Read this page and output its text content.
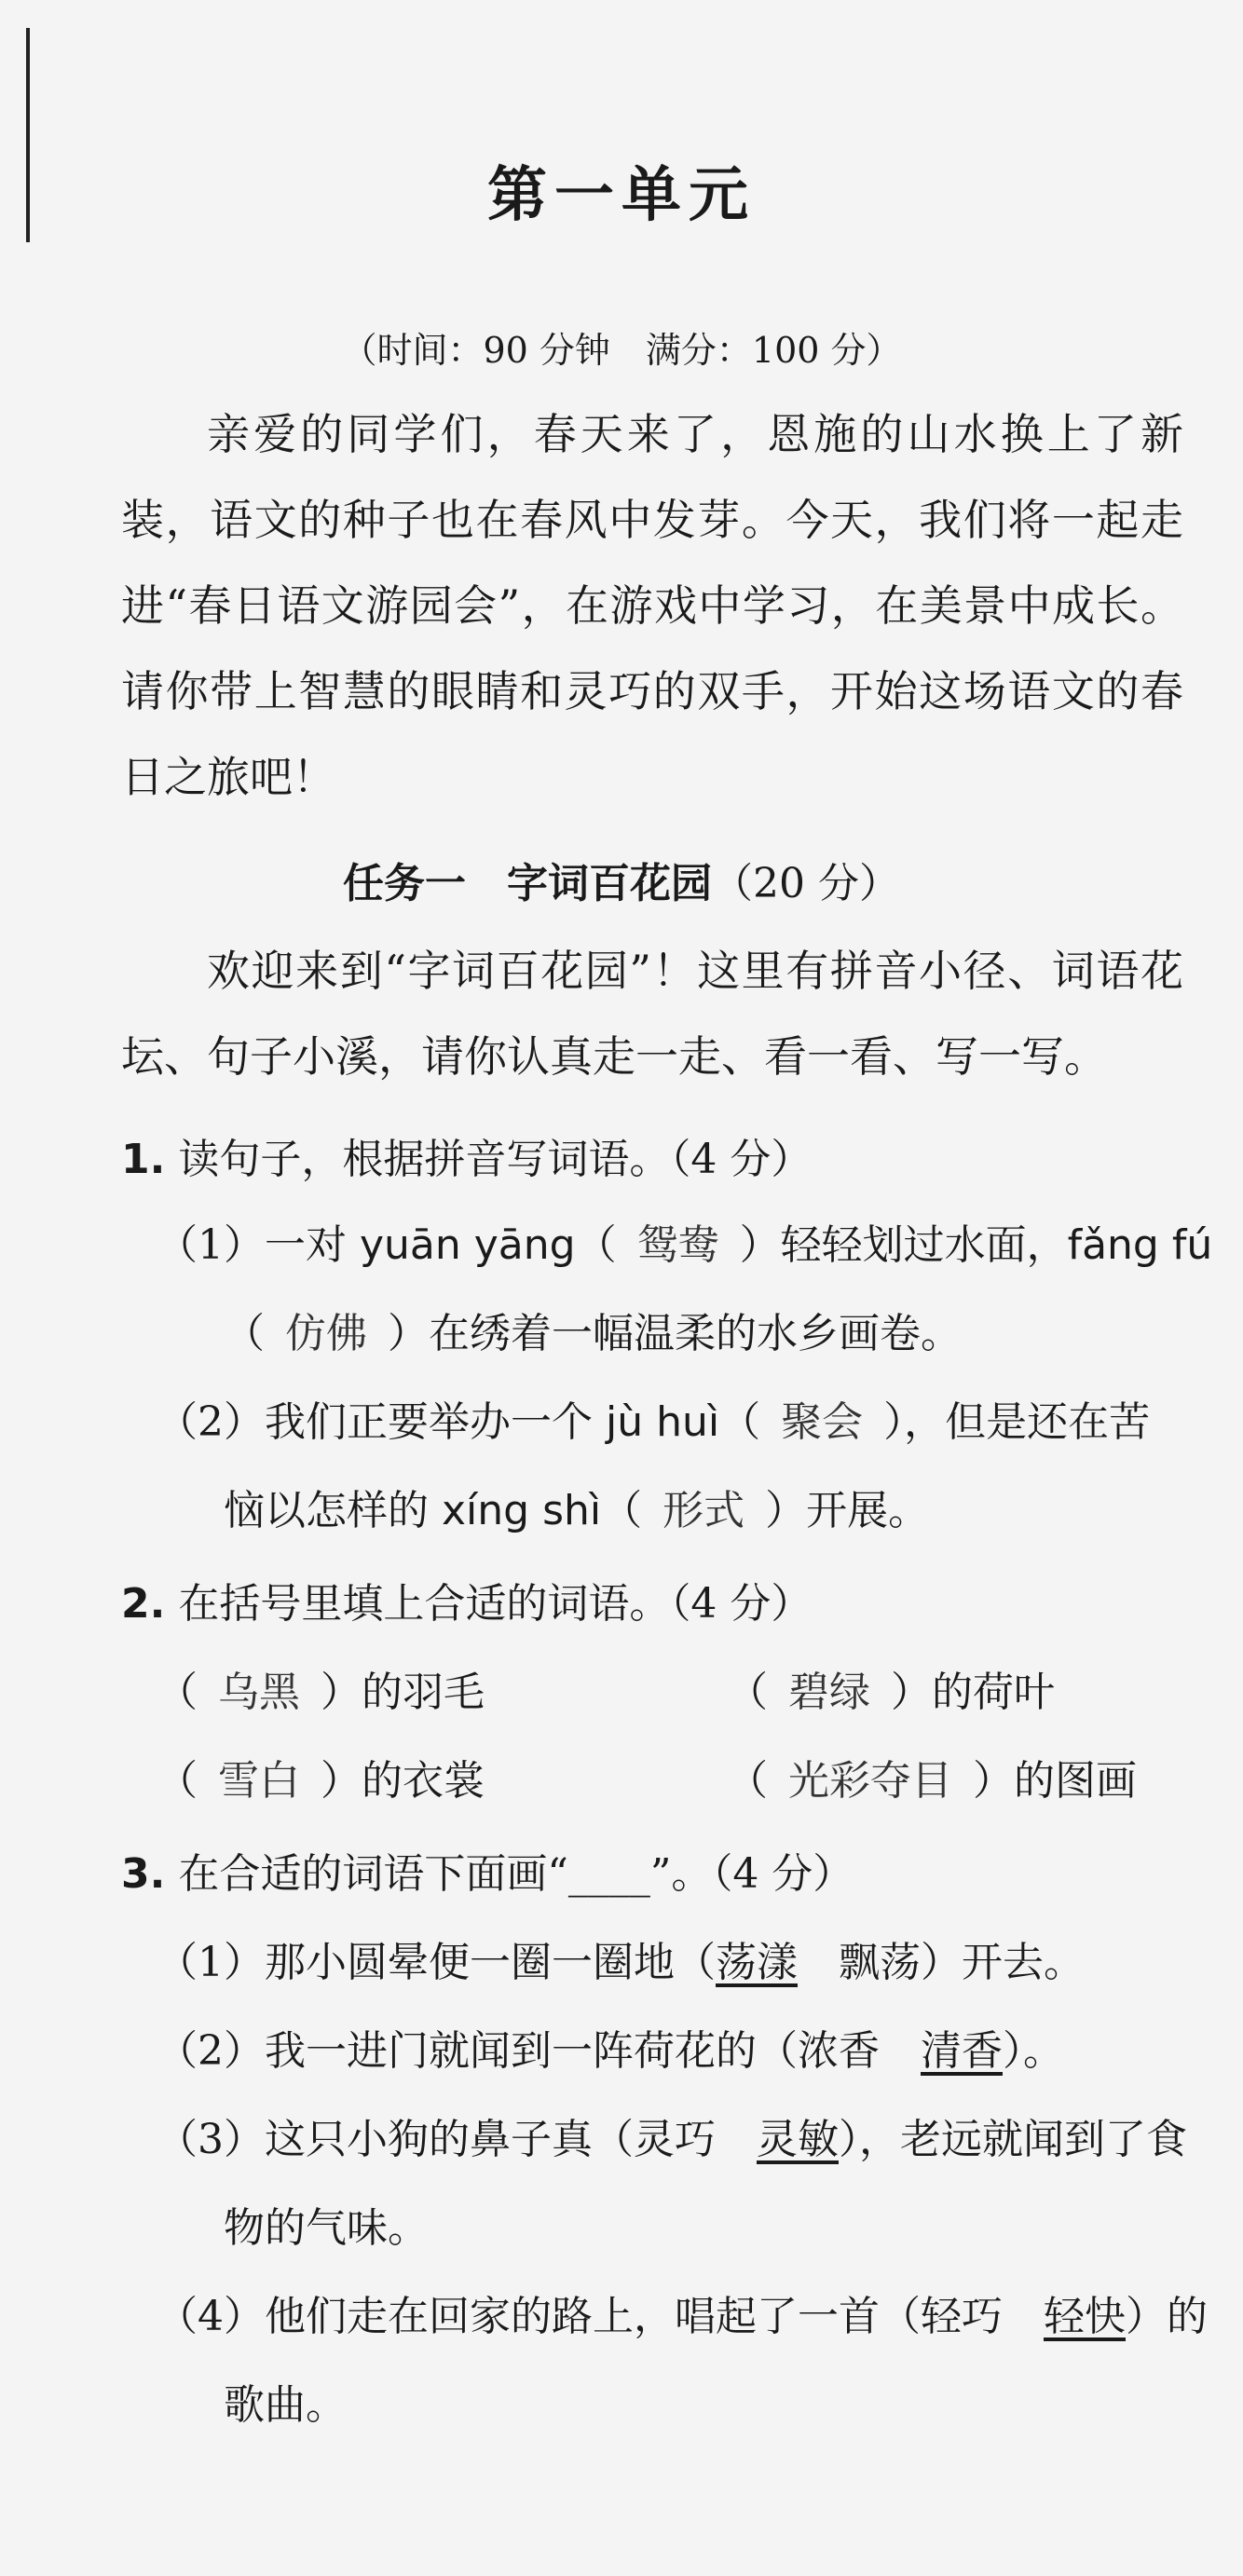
第一单元
（时间：90 分钟　满分：100 分）
亲爱的同学们，春天来了，恩施的山水换上了新装，语文的种子也在春风中发芽。今天，我们将一起走进“春日语文游园会”，在游戏中学习，在美景中成长。请你带上智慧的眼睛和灵巧的双手，开始这场语文的春日之旅吧！
任务一　字词百花园（20 分）
欢迎来到“字词百花园”！这里有拼音小径、词语花坛、句子小溪，请你认真走一走、看一看、写一写。
1. 读句子，根据拼音写词语。（4 分）
（1）一对 yuān yāng（ 鸳鸯 ）轻轻划过水面，fǎng fú
（ 仿佛 ）在绣着一幅温柔的水乡画卷。
（2）我们正要举办一个 jù huì（ 聚会 ），但是还在苦
恼以怎样的 xíng shì（ 形式 ）开展。
2. 在括号里填上合适的词语。（4 分）
（ 乌黑 ）的羽毛	（ 碧绿 ）的荷叶
（ 雪白 ）的衣裳	（ 光彩夺目 ）的图画
3. 在合适的词语下面画“____”。（4 分）
（1）那小圆晕便一圈一圈地（荡漾　飘荡）开去。
（2）我一进门就闻到一阵荷花的（浓香　清香）。
（3）这只小狗的鼻子真（灵巧　灵敏），老远就闻到了食
物的气味。
（4）他们走在回家的路上，唱起了一首（轻巧　轻快）的
歌曲。
